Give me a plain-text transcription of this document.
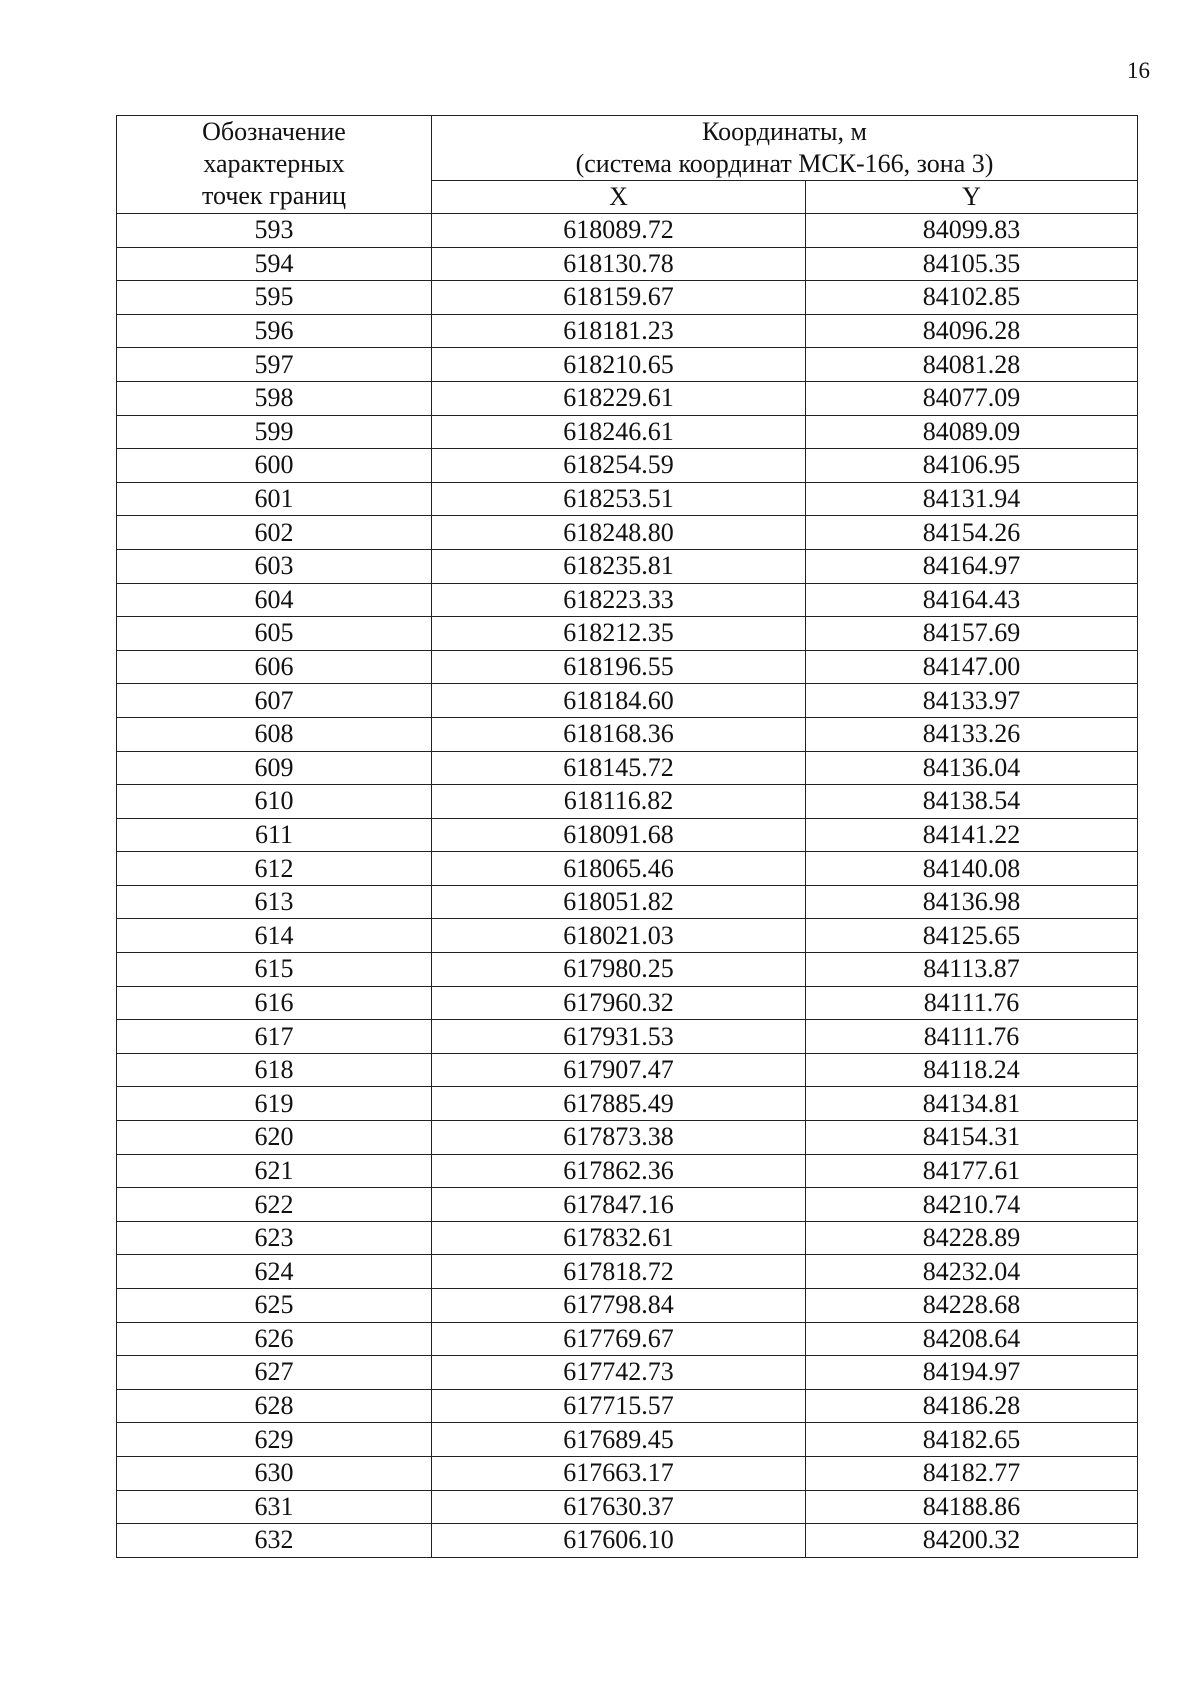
16
Обозначение
характерных
точек границ	Координаты, м
(система координат МСК-166, зона 3)	

	X	Y
593	618089.72	84099.83
594	618130.78	84105.35
595	618159.67	84102.85
596	618181.23	84096.28
597	618210.65	84081.28
598	618229.61	84077.09
599	618246.61	84089.09
600	618254.59	84106.95
601	618253.51	84131.94
602	618248.80	84154.26
603	618235.81	84164.97
604	618223.33	84164.43
605	618212.35	84157.69
606	618196.55	84147.00
607	618184.60	84133.97
608	618168.36	84133.26
609	618145.72	84136.04
610	618116.82	84138.54
611	618091.68	84141.22
612	618065.46	84140.08
613	618051.82	84136.98
614	618021.03	84125.65
615	617980.25	84113.87
616	617960.32	84111.76
617	617931.53	84111.76
618	617907.47	84118.24
619	617885.49	84134.81
620	617873.38	84154.31
621	617862.36	84177.61
622	617847.16	84210.74
623	617832.61	84228.89
624	617818.72	84232.04
625	617798.84	84228.68
626	617769.67	84208.64
627	617742.73	84194.97
628	617715.57	84186.28
629	617689.45	84182.65
630	617663.17	84182.77
631	617630.37	84188.86
632	617606.10	84200.32
